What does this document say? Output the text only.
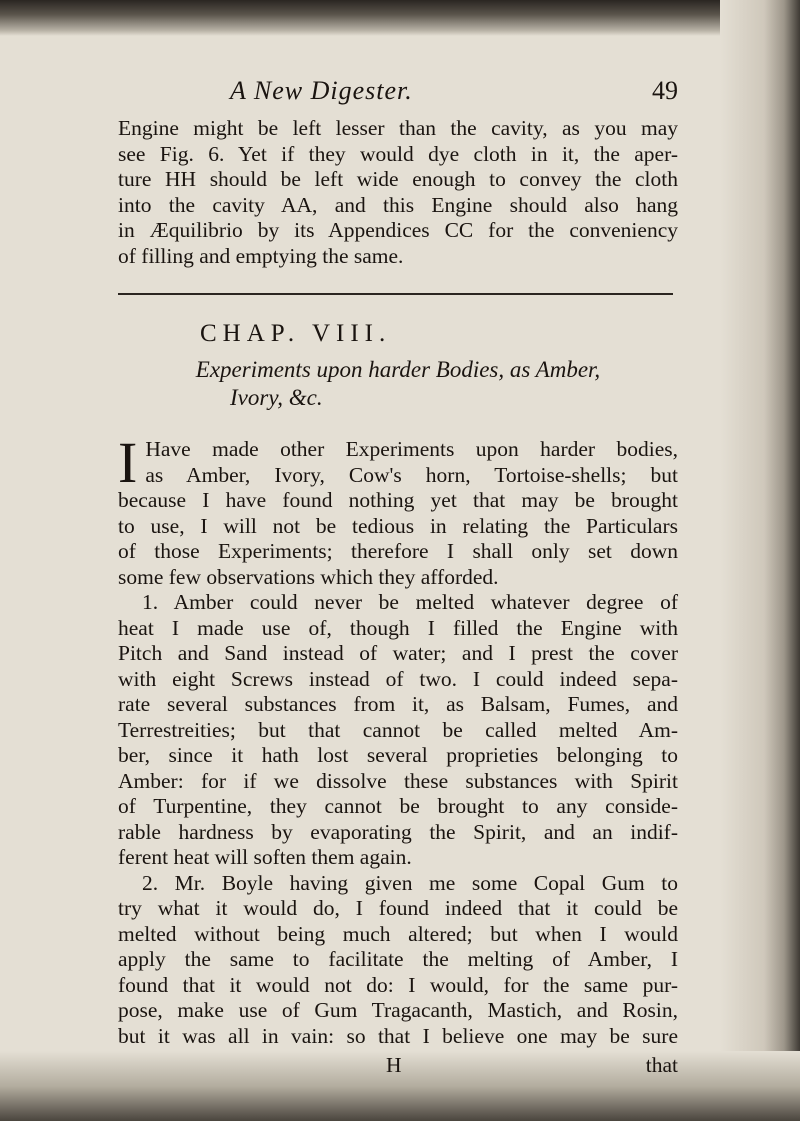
A New Digester.	49
Engine might be left lesser than the cavity, as you may
see Fig. 6. Yet if they would dye cloth in it, the aper-
ture HH should be left wide enough to convey the cloth
into the cavity AA, and this Engine should also hang
in Æquilibrio by its Appendices CC for the conveniency
of filling and emptying the same.
CHAP. VIII.
Experiments upon harder Bodies, as Amber,
Ivory, &c.
I Have made other Experiments upon harder bodies,
as Amber, Ivory, Cow's horn, Tortoise-shells; but
because I have found nothing yet that may be brought
to use, I will not be tedious in relating the Particulars
of those Experiments; therefore I shall only set down
some few observations which they afforded.
1. Amber could never be melted whatever degree of
heat I made use of, though I filled the Engine with
Pitch and Sand instead of water; and I prest the cover
with eight Screws instead of two. I could indeed sepa-
rate several substances from it, as Balsam, Fumes, and
Terrestreities; but that cannot be called melted Am-
ber, since it hath lost several proprieties belonging to
Amber: for if we dissolve these substances with Spirit
of Turpentine, they cannot be brought to any conside-
rable hardness by evaporating the Spirit, and an indif-
ferent heat will soften them again.
2. Mr. Boyle having given me some Copal Gum to
try what it would do, I found indeed that it could be
melted without being much altered; but when I would
apply the same to facilitate the melting of Amber, I
found that it would not do: I would, for the same pur-
pose, make use of Gum Tragacanth, Mastich, and Rosin,
but it was all in vain: so that I believe one may be sure
H	that
